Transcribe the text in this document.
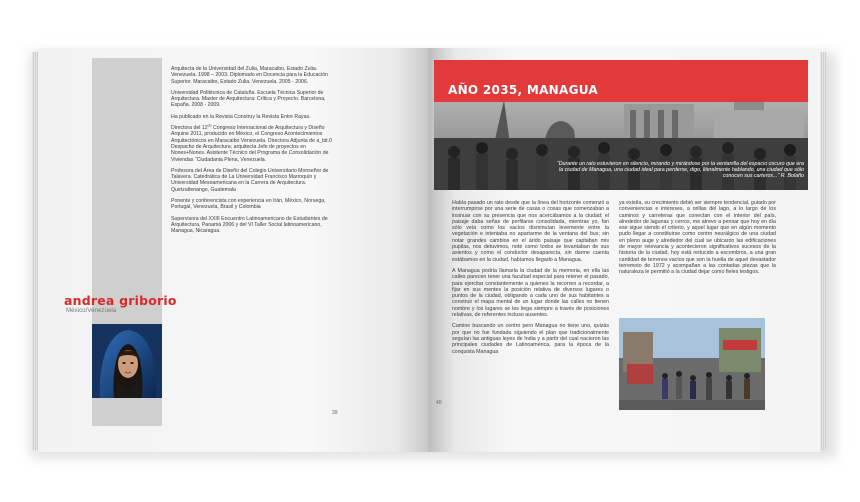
Arquitecta de la Universidad del Zulia, Maracaibo, Estado Zulia. Venezuela. 1998 – 2003. Diplomado en Docencia para la Educación Superior. Maracaibo, Estado Zulia. Venezuela. 2005 - 2006.

Universidad Politècnica de Cataluña. Escuela Técnica Superior de Arquitectura. Master de Arquitectura: Crítica y Proyecto. Barcelona, España. 2008 - 2009.

Ha publicado en la Revista Construy la Revista Entre Rayas.

Directora del $12^{do}$ Congreso Internacional de Arquitectura y Diseño Arquine 2011, producido en México, el Congreso Acontecimientos Arquitectónicos en Maracaibo Venezuela. Directora Adjunta de a_bit.0 Despacho de Arquitectura; arquitecta Jefe de proyectos en Nones+Nones. Asistente Técnico del Programa de Consolidación de Viviendas “Ciudadania Plena, Venezuela.

Profesora del Área de Diseño del Colegio Universitario Monseñor de Talavera. Catedrática de La Universidad Francisco Marroquín y Universidad Mesoamericana en la Carrera de Arquitectura. Quetzaltenango, Guatemala

Ponente y conferencista con experiencia en Irán, México, Noruega, Portugal, Venezuela, Brasil y Colombia

Supervisora del XXIII Encuentro Latinoamericano de Estudiantes de Arquitectura, Panamá 2006 y del VI Taller Social latinoamericano, Managua, Nicaragua.

andrea griborio
México/Venezuela
39
AÑO 2035, MANAGUA
“Durante un rato estuvieron en silencio, mirando y mirándose por la ventanilla del espacio oscuro que era la ciudad de Managua, una ciudad ideal para perderse, digo, literalmente hablando, una ciudad que sólo conocen sus carteros...” R. Bolaño

Había pasado un rato desde que la línea del horizonte comenzó a interrumpirse por una serie de casas o cosas que comenzaban a insinuar con su presencia que nos acercábamos a la ciudad; el paisaje daba señas de perfilarse consolidada, mientras yo, fan sólo veía como los vacíos disminuían levemente entre la vegetación e intentaba no apartarme de la ventana del bus; sin notar grandes cambios en el árido paisaje que captaban mis pupilas, nos detuvimos, noté como todos se levantaban de sus asientos y como el conductor desaparecía, sin darme cuenta estábamos en la ciudad, habíamos llegado a Managua.

A Managua podría llamarla la ciudad de la memoria, en ella las calles parecen tener una facultad especial para retener el pasado, para ejercitar constantemente a quienes la recorren a recordar, a fijar en sus mentes la posición relativa de diversos lugares o puntos de la ciudad, obligando a cada uno de sus habitantes a construir el mapa mental de un lugar donde las calles no tienen nombre y los lugares se les liega siempre a través de posiciones relativas, de referentes incluso ausentes.

Camine buscando un centro pero Managua no tiene uno, quizás por que no fue fundada siguiendo el plan que tradicionalmente seguían las antiguas leyes de India y a partir del cual nacieron las principales ciudades de Latinoamérica, para la época de la conquista Managua

ya existía, su crecimiento debió ser siempre tendencial, guiado por conveniencias e intereses, a orillas del lago, a lo largo de los caminos y carreteras que conectan con el interior del país, alrededor de lagunas y cerros, me atrevo a pensar que hoy en día ese sigue siendo el criterio, y aquel lugar que en algún momento pudo llegar a constituirse como centro neurálgico de una ciudad en pleno auge y alrededor del cual se ubicaron las edificaciones de mayor relevancia y acontecieron significativos sucesos de la historia de la ciudad, hoy está reducido a escombros, a una gran cantidad de terrenos vacíos que son la huella de aquel devastador terremoto de 1972 y acompañan a las contadas piezas que la naturaleza le permitió a la ciudad dejar como fieles testigos.

40
